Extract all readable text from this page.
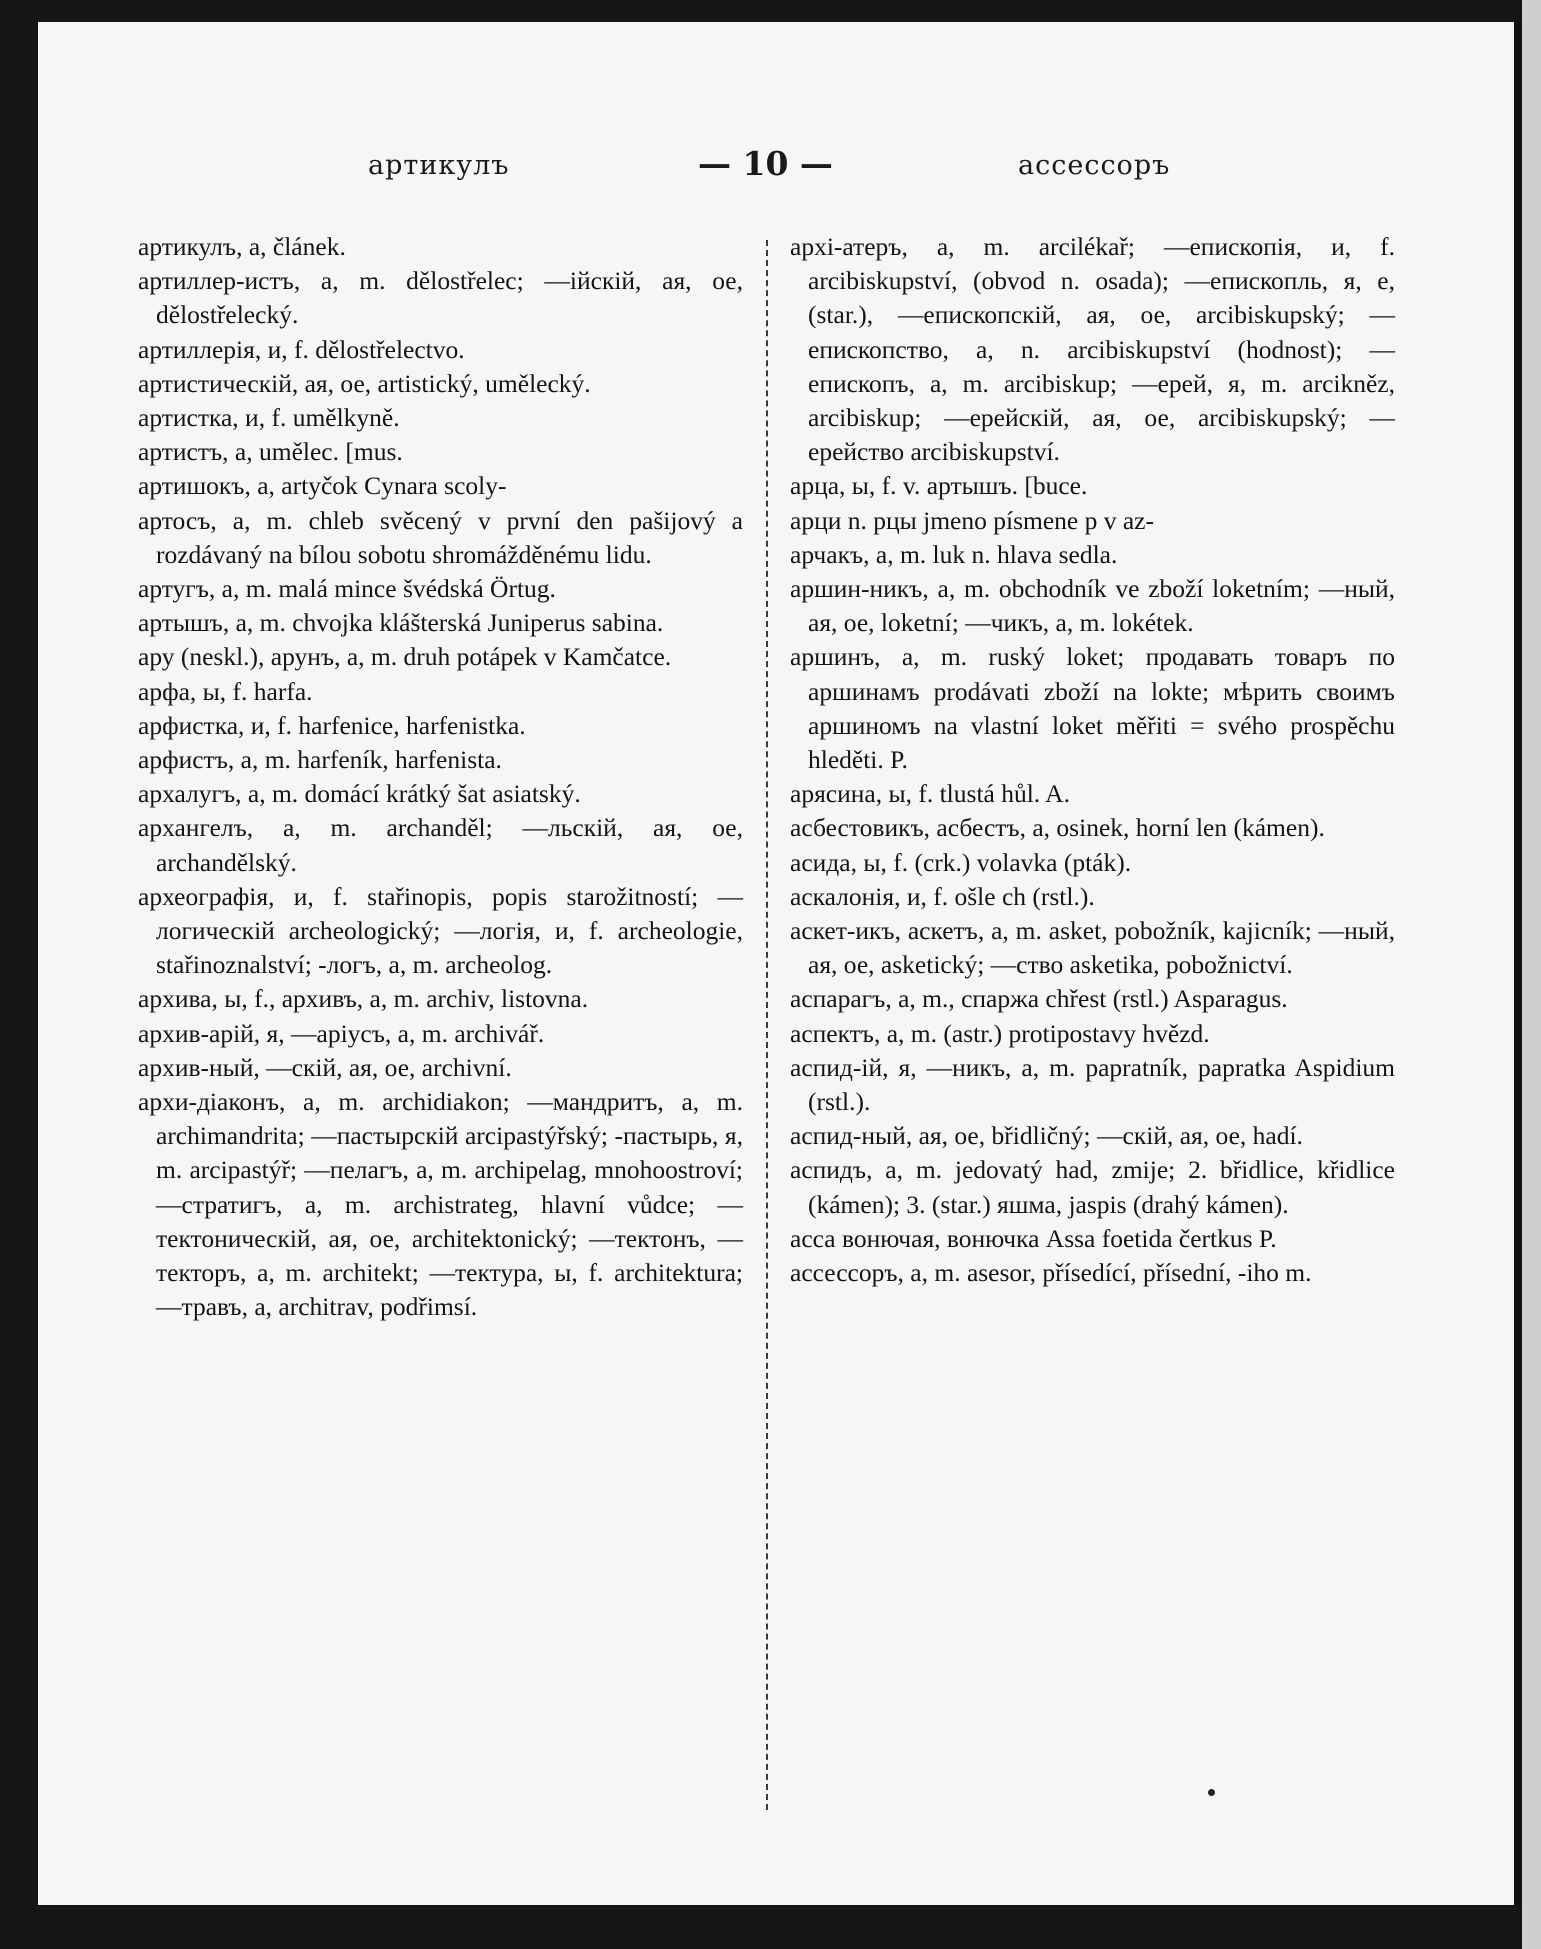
артикулъ	— 10 —	ассессоръ

артикулъ, а, článek.

артиллер-истъ, а, m. dělostřelec; —ійскій, ая, ое, dělostřelecký.

артиллерія, и, f. dělostřelectvo.

артистическій, ая, ое, artistický, umělecký.

артистка, и, f. umělkyně.

артистъ, а, umělec. [mus.

артишокъ, а, artyčok Cynara scoly-

артосъ, а, m. chleb svěcený v první den pašijový a rozdávaný na bílou sobotu shromážděnému lidu.

артугъ, а, m. malá mince švédská Örtug.

артышъ, а, m. chvojka klášterská Juniperus sabina.

ару (neskl.), арунъ, а, m. druh potápek v Kamčatce.

арфа, ы, f. harfa.

арфистка, и, f. harfenice, harfenistka.

арфистъ, а, m. harfeník, harfenista.

архалугъ, а, m. domácí krátký šat asiatský.

архангелъ, а, m. archanděl; —льскій, ая, ое, archandělský.

археографія, и, f. stařinopis, popis starožitností; —логическій archeologický; —логія, и, f. archeologie, stařinoznalství; -логъ, а, m. archeolog.

архива, ы, f., архивъ, а, m. archiv, listovna.

архив-арій, я, —аріусъ, а, m. archivář.

архив-ный, —скій, ая, ое, archivní.

архи-діаконъ, а, m. archidiakon; —мандритъ, а, m. archimandrita; —пастырскій arcipastýřský; -пастырь, я, m. arcipastýř; —пелагъ, а, m. archipelag, mnohoostroví; —стратигъ, а, m. archistrateg, hlavní vůdce; —тектоническій, ая, ое, architektonický; —тектонъ, —текторъ, а, m. architekt; —тектура, ы, f. architektura; —травъ, а, architrav, podřimsí.

архі-атеръ, а, m. arcilékař; —епископія, и, f. arcibiskupství, (obvod n. osada); —епископль, я, е, (star.), —епископскій, ая, ое, arcibiskupský; —епископство, а, n. arcibiskupství (hodnost); —епископъ, а, m. arcibiskup; —ерей, я, m. arcikněz, arcibiskup; —ерейскій, ая, ое, arcibiskupský; —ерейство arcibiskupství.

арца, ы, f. v. артышъ. [buce.

арци n. рцы jmeno písmene р v az-

арчакъ, а, m. luk n. hlava sedla.

аршин-никъ, а, m. obchodník ve zboží loketním; —ный, ая, ое, loketní; —чикъ, а, m. lokétek.

аршинъ, а, m. ruský loket; продавать товаръ по аршинамъ prodávati zboží na lokte; мѣрить своимъ аршиномъ na vlastní loket měřiti = svého prospěchu hleděti. P.

арясина, ы, f. tlustá hůl. A.

асбестовикъ, асбестъ, а, osinek, horní len (kámen).

асида, ы, f. (crk.) volavka (pták).

аскалонія, и, f. ošle ch (rstl.).

аскет-икъ, аскетъ, а, m. asket, pobožník, kajicník; —ный, ая, ое, asketický; —ство asketika, pobožnictví.

аспарагъ, а, m., спаржа chřest (rstl.) Asparagus.

аспектъ, а, m. (astr.) protipostavy hvězd.

аспид-ій, я, —никъ, а, m. papratník, papratka Aspidium (rstl.).

аспид-ный, ая, ое, břidličný; —скій, ая, ое, hadí.

аспидъ, а, m. jedovatý had, zmije; 2. břidlice, křidlice (kámen); 3. (star.) яшма, jaspis (drahý kámen).

асса вонючая, вонючка Assa foetida čertkus P.

ассессоръ, а, m. asesor, přísedící, přísední, -iho m.
